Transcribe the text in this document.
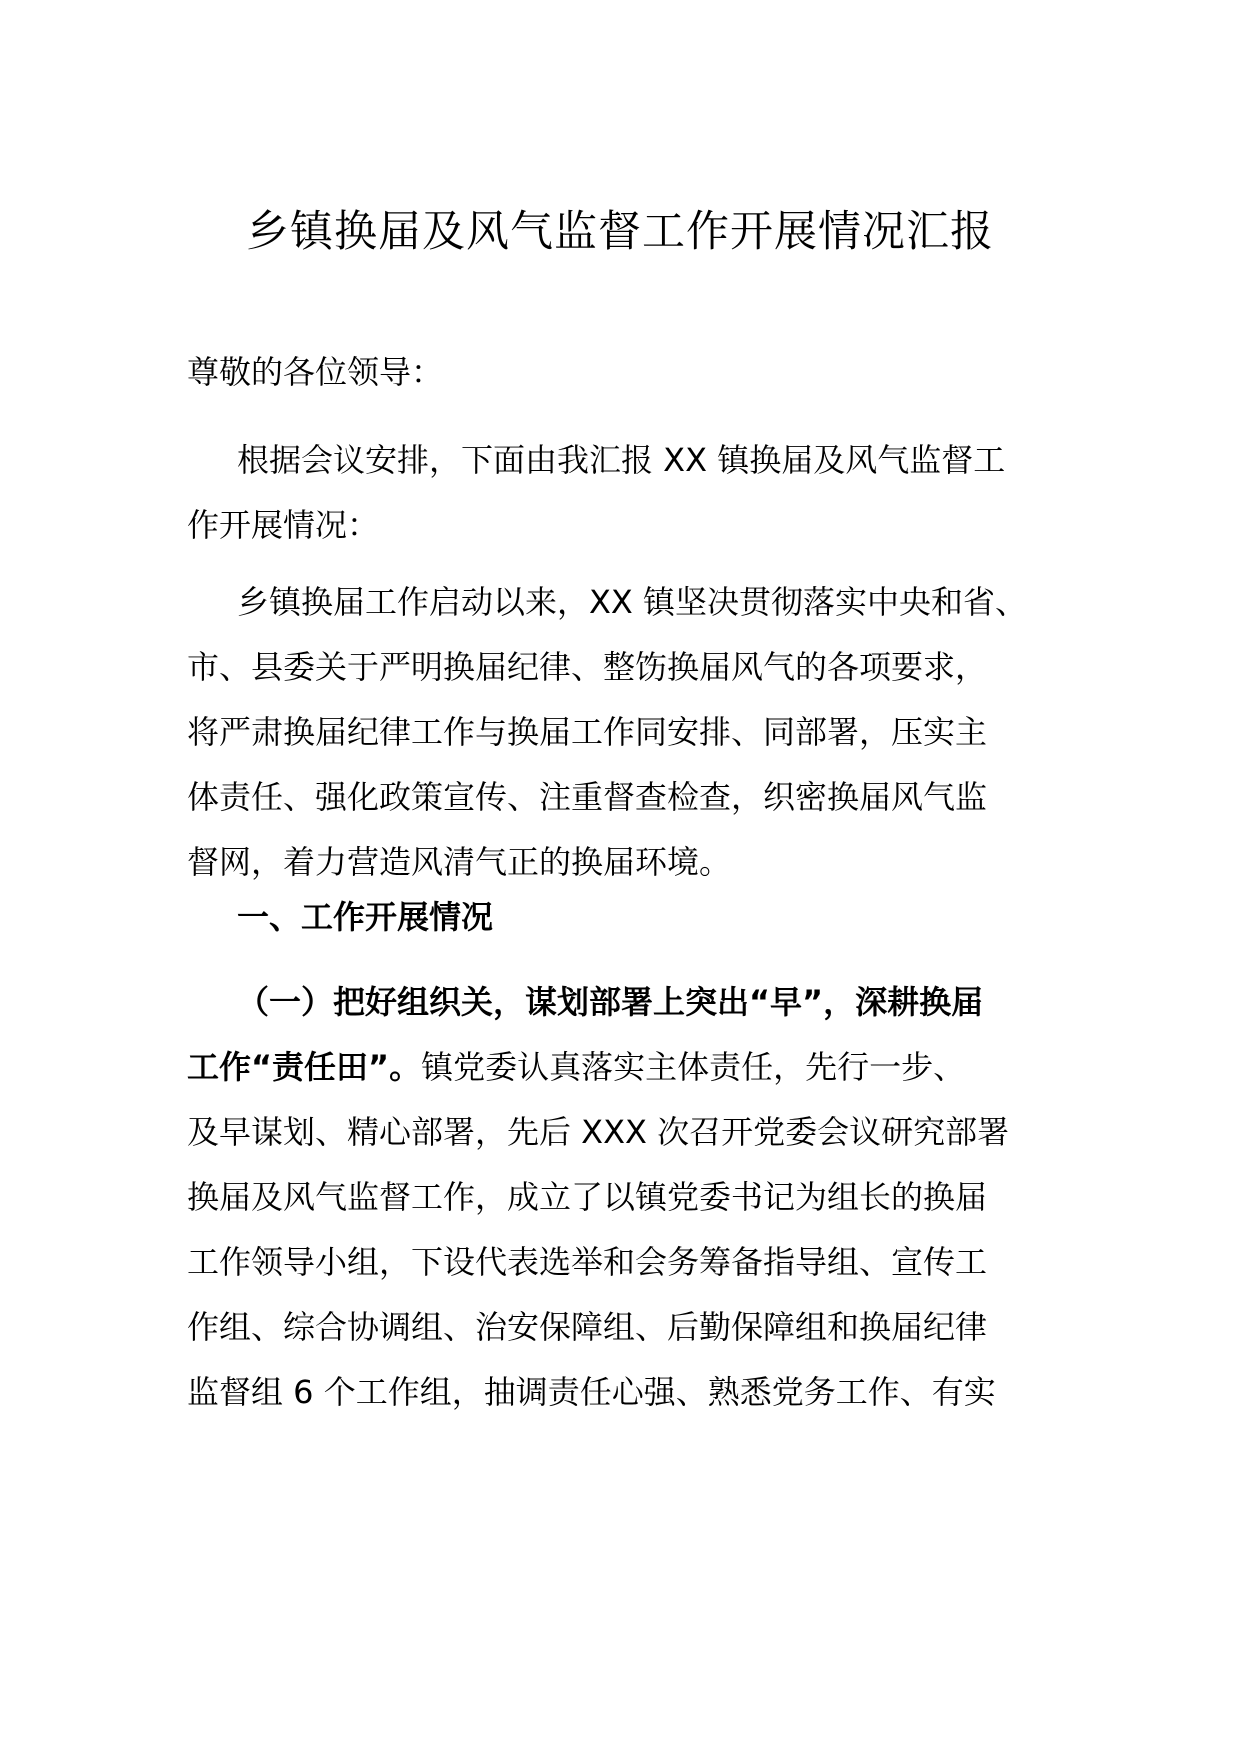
乡镇换届及风气监督工作开展情况汇报
尊敬的各位领导：
根据会议安排，下面由我汇报 XX 镇换届及风气监督工
作开展情况：
乡镇换届工作启动以来，XX 镇坚决贯彻落实中央和省、
市、县委关于严明换届纪律、整饬换届风气的各项要求，
将严肃换届纪律工作与换届工作同安排、同部署，压实主
体责任、强化政策宣传、注重督查检查，织密换届风气监
督网，着力营造风清气正的换届环境。
一、工作开展情况
（一）把好组织关，谋划部署上突出“早”，深耕换届
工作“责任田”。镇党委认真落实主体责任，先行一步、
及早谋划、精心部署，先后 XXX 次召开党委会议研究部署
换届及风气监督工作，成立了以镇党委书记为组长的换届
工作领导小组，下设代表选举和会务筹备指导组、宣传工
作组、综合协调组、治安保障组、后勤保障组和换届纪律
监督组 6 个工作组，抽调责任心强、熟悉党务工作、有实
